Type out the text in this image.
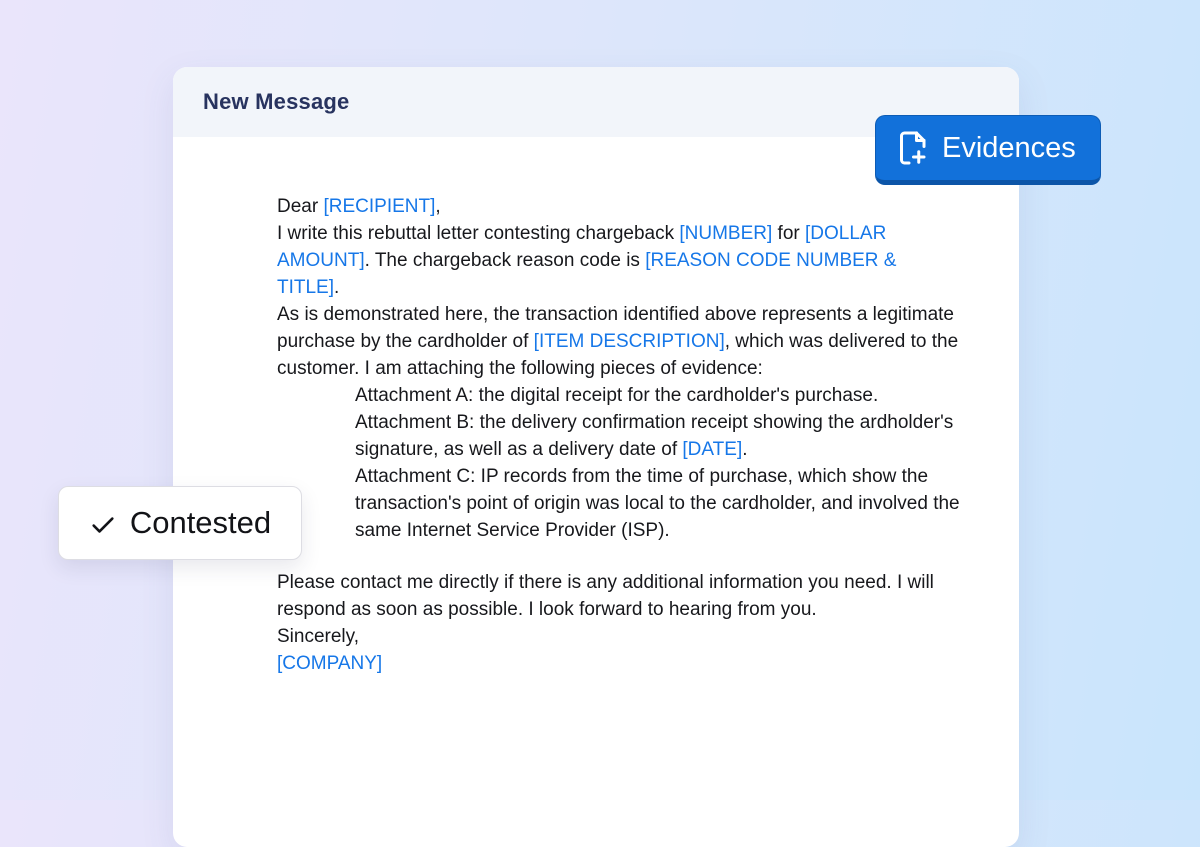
New Message

Dear [RECIPIENT],

I write this rebuttal letter contesting chargeback [NUMBER] for [DOLLAR AMOUNT]. The chargeback reason code is [REASON CODE NUMBER & TITLE].

As is demonstrated here, the transaction identified above represents a legitimate purchase by the cardholder of [ITEM DESCRIPTION], which was delivered to the customer. I am attaching the following pieces of evidence:

Attachment A: the digital receipt for the cardholder's purchase.

Attachment B: the delivery confirmation receipt showing the ardholder's signature, as well as a delivery date of [DATE].

Attachment C: IP records from the time of purchase, which show the transaction's point of origin was local to the cardholder, and involved the same Internet Service Provider (ISP).

Please contact me directly if there is any additional information you need. I will respond as soon as possible. I look forward to hearing from you.

Sincerely,

[COMPANY]

Evidences
Contested
